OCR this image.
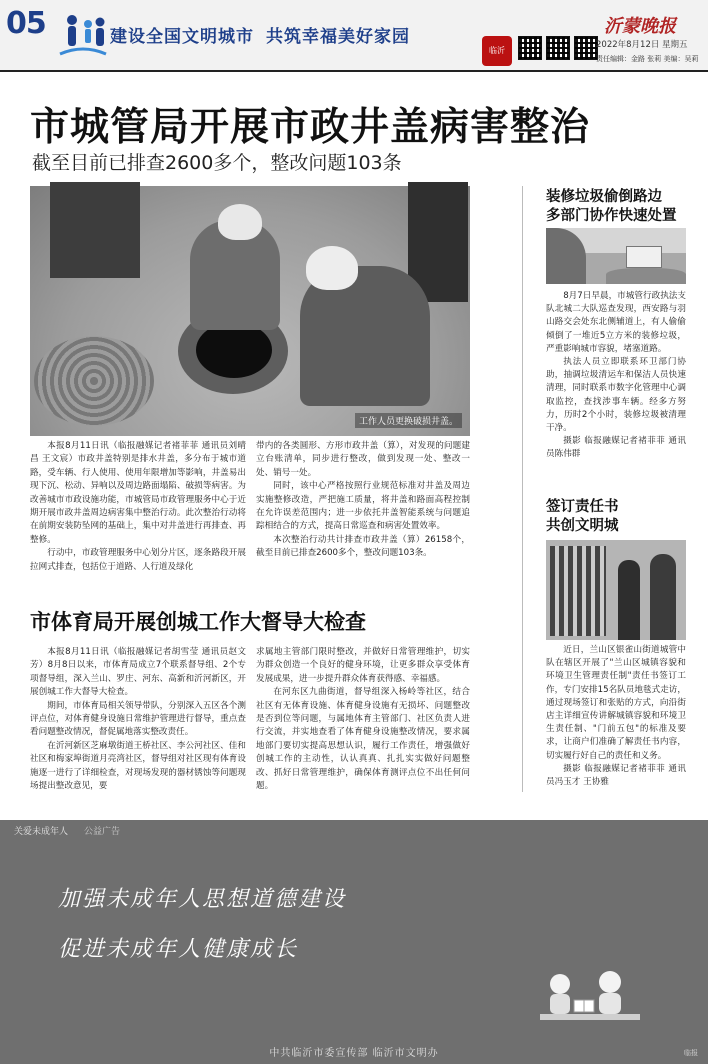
05	建设全国文明城市 共筑幸福美好家园
临沂
沂蒙晚报
2022年8月12日 星期五
责任编辑：金路 张莉 美编：吴莉
市城管局开展市政井盖病害整治
截至目前已排查2600多个，整改问题103条
工作人员更换破损井盖。

本报8月11日讯（临报融媒记者褚菲菲 通讯员刘晴昌 王文宸）市政井盖特别是排水井盖，多分布于城市道路，受车辆、行人使用、使用年限增加等影响，井盖易出现下沉、松动、异响以及周边路面塌陷、破损等病害。为改善城市市政设施功能，市城管局市政管理服务中心于近期开展市政井盖周边病害集中整治行动。此次整治行动将在前期安装防坠网的基础上，集中对井盖进行再排查、再整修。

行动中，市政管理服务中心划分片区，逐条路段开展拉网式排查，包括位于道路、人行道及绿化

带内的各类圆形、方形市政井盖（算），对发现的问题建立台账清单，同步进行整改，做到发现一处、整改一处、销号一处。

同时，该中心严格按照行业规范标准对井盖及周边实施整修改造，严把施工质量，将井盖和路面高程控制在允许误差范围内；进一步依托井盖智能系统与问题追踪相结合的方式，提高日常巡查和病害处置效率。

本次整治行动共计排查市政井盖（算）26158个，截至目前已排查2600多个，整改问题103条。

市体育局开展创城工作大督导大检查

本报8月11日讯（临报融媒记者胡雪莹 通讯员赵文芳）8月8日以来，市体育局成立7个联系督导组、2个专项督导组，深入兰山、罗庄、河东、高新和沂河新区，开展创城工作大督导大检查。

期间，市体育局相关领导带队，分别深入五区各个测评点位，对体育健身设施日常维护管理进行督导，重点查看问题整改情况，督促属地落实整改责任。

在沂河新区芝麻墩街道王桥社区、李公河社区、佳和社区和梅家埠街道月亮湾社区，督导组对社区现有体育设施逐一进行了详细检查，对现场发现的器材锈蚀等问题现场提出整改意见，要

求属地主管部门限时整改，并做好日常管理维护，切实为群众创造一个良好的健身环境，让更多群众享受体育发展成果，进一步提升群众体育获得感、幸福感。

在河东区九曲街道，督导组深入杨岭等社区，结合社区有无体育设施、体育健身设施有无损坏、问题整改是否到位等问题，与属地体育主管部门、社区负责人进行交流，并实地查看了体育健身设施整改情况，要求属地部门要切实提高思想认识，履行工作责任，增强做好创城工作的主动性，认认真真、扎扎实实做好问题整改、抓好日常管理维护，确保体育测评点位不出任何问题。

装修垃圾偷倒路边
多部门协作快速处置

8月7日早晨，市城管行政执法支队北城二大队巡查发现，西安路与羽山路交会处东北侧辅道上，有人偷偷倾倒了一堆近5立方米的装修垃圾，严重影响城市容貌，堵塞道路。

执法人员立即联系环卫部门协助，抽调垃圾清运车和保洁人员快速清理，同时联系市数字化管理中心调取监控，查找涉事车辆。经多方努力，历时2个小时，装修垃圾被清理干净。

摄影 临报融媒记者褚菲菲 通讯员陈伟群

签订责任书
共创文明城

近日，兰山区银雀山街道城管中队在辖区开展了"兰山区城镇容貌和环境卫生管理责任制"责任书签订工作，专门安排15名队员地毯式走访，通过现场签订和张贴的方式，向沿街店主详细宣传讲解城镇容貌和环境卫生责任制、"门前五包"的标准及要求，让商户们准确了解责任书内容，切实履行好自己的责任和义务。

摄影 临报融媒记者褚菲菲 通讯员冯玉才 王协雅

关爱未成年人 公益广告
加强未成年人思想道德建设
促进未成年人健康成长
中共临沂市委宣传部 临沂市文明办	临报
